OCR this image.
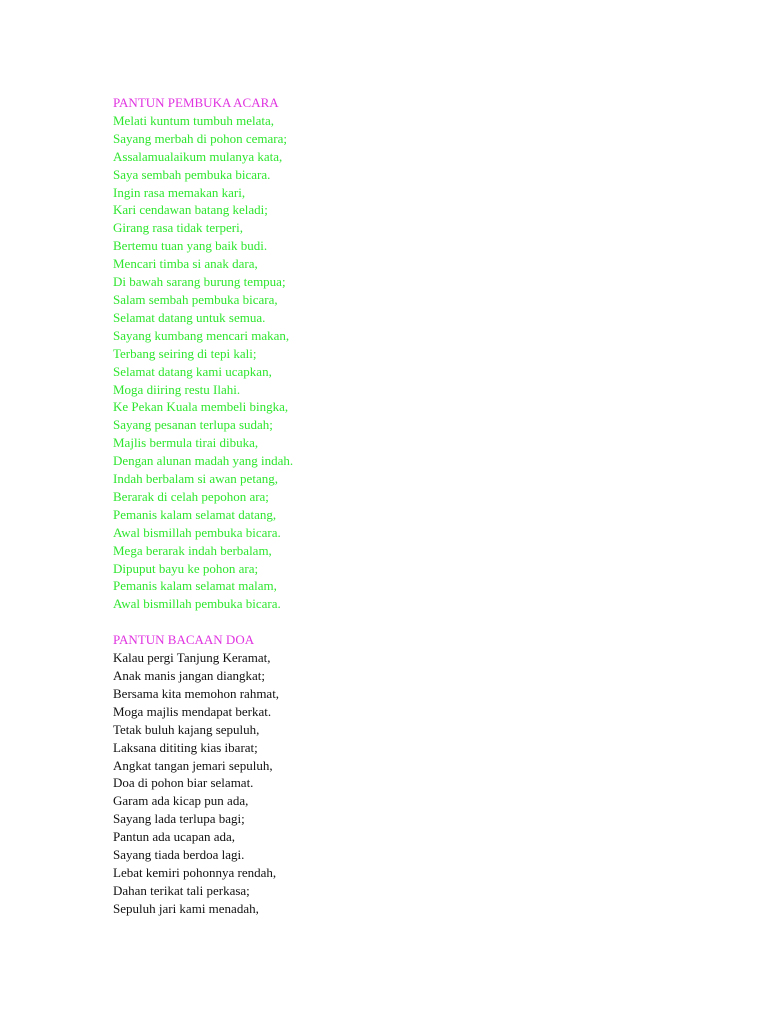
PANTUN PEMBUKA ACARA
Melati kuntum tumbuh melata,
Sayang merbah di pohon cemara;
Assalamualaikum mulanya kata,
Saya sembah pembuka bicara.
Ingin rasa memakan kari,
Kari cendawan batang keladi;
Girang rasa tidak terperi,
Bertemu tuan yang baik budi.
Mencari timba si anak dara,
Di bawah sarang burung tempua;
Salam sembah pembuka bicara,
Selamat datang untuk semua.
Sayang kumbang mencari makan,
Terbang seiring di tepi kali;
Selamat datang kami ucapkan,
Moga diiring restu Ilahi.
Ke Pekan Kuala membeli bingka,
Sayang pesanan terlupa sudah;
Majlis bermula tirai dibuka,
Dengan alunan madah yang indah.
Indah berbalam si awan petang,
Berarak di celah pepohon ara;
Pemanis kalam selamat datang,
Awal bismillah pembuka bicara.
Mega berarak indah berbalam,
Dipuput bayu ke pohon ara;
Pemanis kalam selamat malam,
Awal bismillah pembuka bicara.
PANTUN BACAAN DOA
Kalau pergi Tanjung Keramat,
Anak manis jangan diangkat;
Bersama kita memohon rahmat,
Moga majlis mendapat berkat.
Tetak buluh kajang sepuluh,
Laksana dititing kias ibarat;
Angkat tangan jemari sepuluh,
Doa di pohon biar selamat.
Garam ada kicap pun ada,
Sayang lada terlupa bagi;
Pantun ada ucapan ada,
Sayang tiada berdoa lagi.
Lebat kemiri pohonnya rendah,
Dahan terikat tali perkasa;
Sepuluh jari kami menadah,
